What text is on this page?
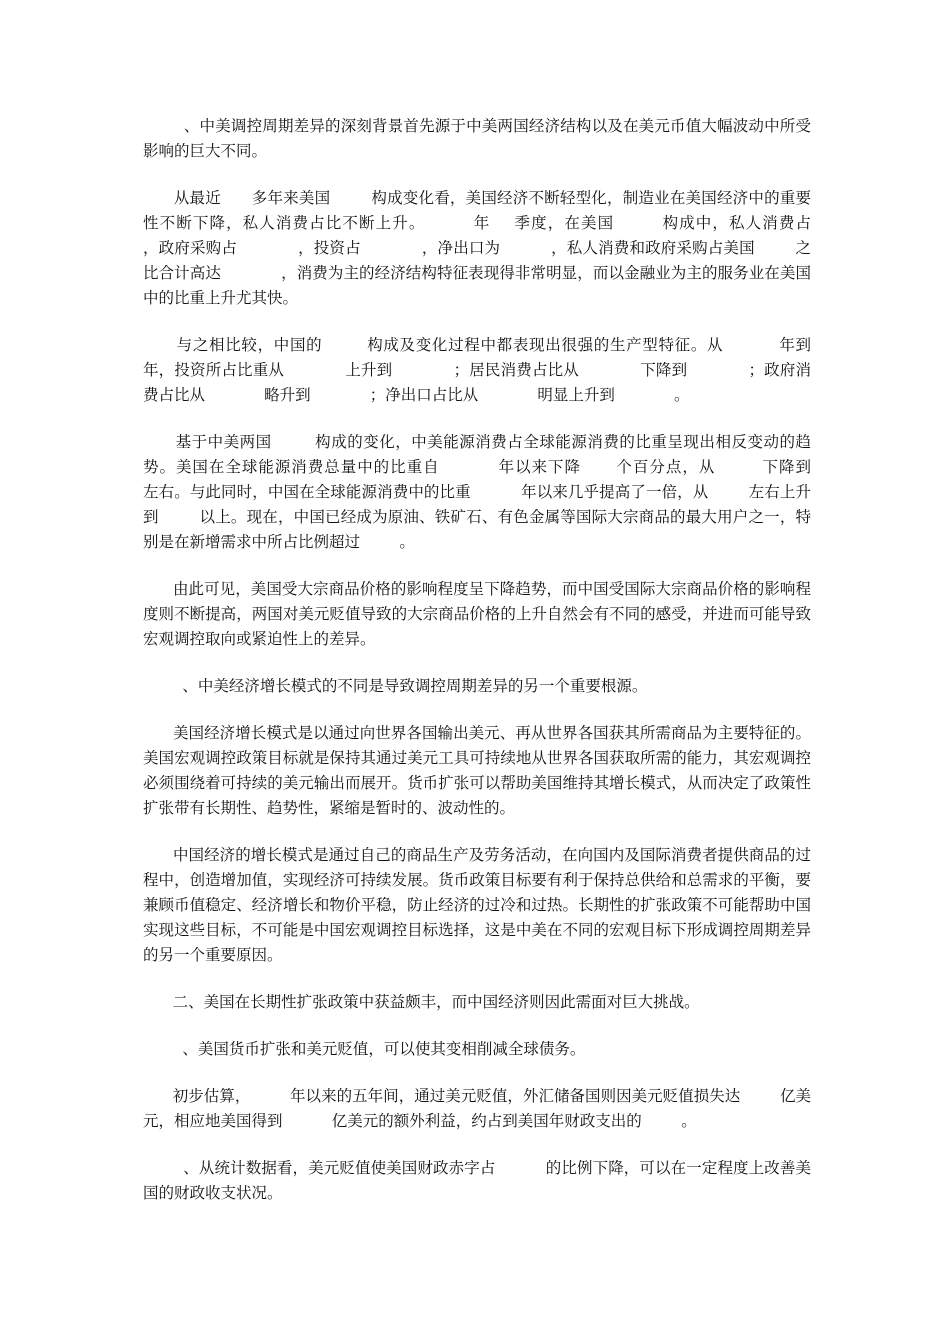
、中美调控周期差异的深刻背景首先源于中美两国经济结构以及在美元币值大幅波动中所受影响的巨大不同。

从最近      多年来美国        构成变化看，美国经济不断轻型化，制造业在美国经济中的重要性不断下降，私人消费占比不断上升。        年    季度，在美国        构成中，私人消费占            ，政府采购占            ，投资占            ，净出口为          ，私人消费和政府采购占美国        之比合计高达            ，消费为主的经济结构特征表现得非常明显，而以金融业为主的服务业在美国        中的比重上升尤其快。

与之相比较，中国的        构成及变化过程中都表现出很强的生产型特征。从          年到        年，投资所占比重从            上升到            ；居民消费占比从            下降到            ；政府消费占比从            略升到            ；净出口占比从            明显上升到            。

基于中美两国        构成的变化，中美能源消费占全球能源消费的比重呈现出相反变动的趋势。美国在全球能源消费总量中的比重自          年以来下降      个百分点，从        下降到        左右。与此同时，中国在全球能源消费中的比重          年以来几乎提高了一倍，从        左右上升到        以上。现在，中国已经成为原油、铁矿石、有色金属等国际大宗商品的最大用户之一，特别是在新增需求中所占比例超过        。

由此可见，美国受大宗商品价格的影响程度呈下降趋势，而中国受国际大宗商品价格的影响程度则不断提高，两国对美元贬值导致的大宗商品价格的上升自然会有不同的感受，并进而可能导致宏观调控取向或紧迫性上的差异。

、中美经济增长模式的不同是导致调控周期差异的另一个重要根源。

美国经济增长模式是以通过向世界各国输出美元、再从世界各国获其所需商品为主要特征的。美国宏观调控政策目标就是保持其通过美元工具可持续地从世界各国获取所需的能力，其宏观调控必须围绕着可持续的美元输出而展开。货币扩张可以帮助美国维持其增长模式，从而决定了政策性扩张带有长期性、趋势性，紧缩是暂时的、波动性的。

中国经济的增长模式是通过自己的商品生产及劳务活动，在向国内及国际消费者提供商品的过程中，创造增加值，实现经济可持续发展。货币政策目标要有利于保持总供给和总需求的平衡，要兼顾币值稳定、经济增长和物价平稳，防止经济的过冷和过热。长期性的扩张政策不可能帮助中国实现这些目标，不可能是中国宏观调控目标选择，这是中美在不同的宏观目标下形成调控周期差异的另一个重要原因。

二、美国在长期性扩张政策中获益颇丰，而中国经济则因此需面对巨大挑战。

、美国货币扩张和美元贬值，可以使其变相削减全球债务。

初步估算，        年以来的五年间，通过美元贬值，外汇储备国则因美元贬值损失达        亿美元，相应地美国得到          亿美元的额外利益，约占到美国年财政支出的        。

、从统计数据看，美元贬值使美国财政赤字占          的比例下降，可以在一定程度上改善美国的财政收支状况。
